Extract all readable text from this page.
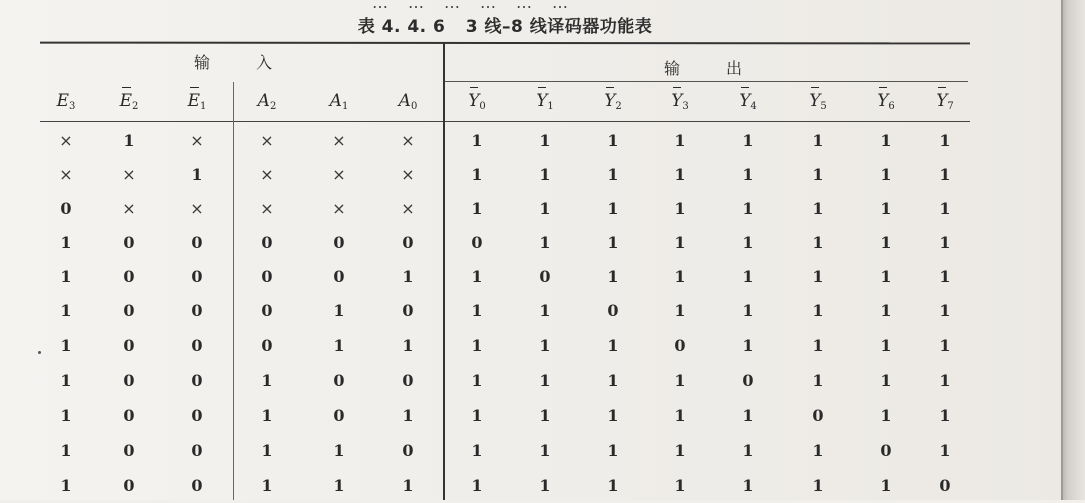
…　…　…　…　…　…
表 4. 4. 6 3 线–8 线译码器功能表
输	入	输	出
$E_3$	$E_2$	$E_1$	$A_2$	$A_1$	$A_0$	$Y_0$	$Y_1$	$Y_2$	$Y_3$	$Y_4$	$Y_5$	$Y_6$	$Y_7$
×	1	×	×	×	×	1	1	1	1	1	1	1	1
×	×	1	×	×	×	1	1	1	1	1	1	1	1
0	×	×	×	×	×	1	1	1	1	1	1	1	1
1	0	0	0	0	0	0	1	1	1	1	1	1	1
1	0	0	0	0	1	1	0	1	1	1	1	1	1
1	0	0	0	1	0	1	1	0	1	1	1	1	1
1	0	0	0	1	1	1	1	1	0	1	1	1	1
1	0	0	1	0	0	1	1	1	1	0	1	1	1
1	0	0	1	0	1	1	1	1	1	1	0	1	1
1	0	0	1	1	0	1	1	1	1	1	1	0	1
1	0	0	1	1	1	1	1	1	1	1	1	1	0
